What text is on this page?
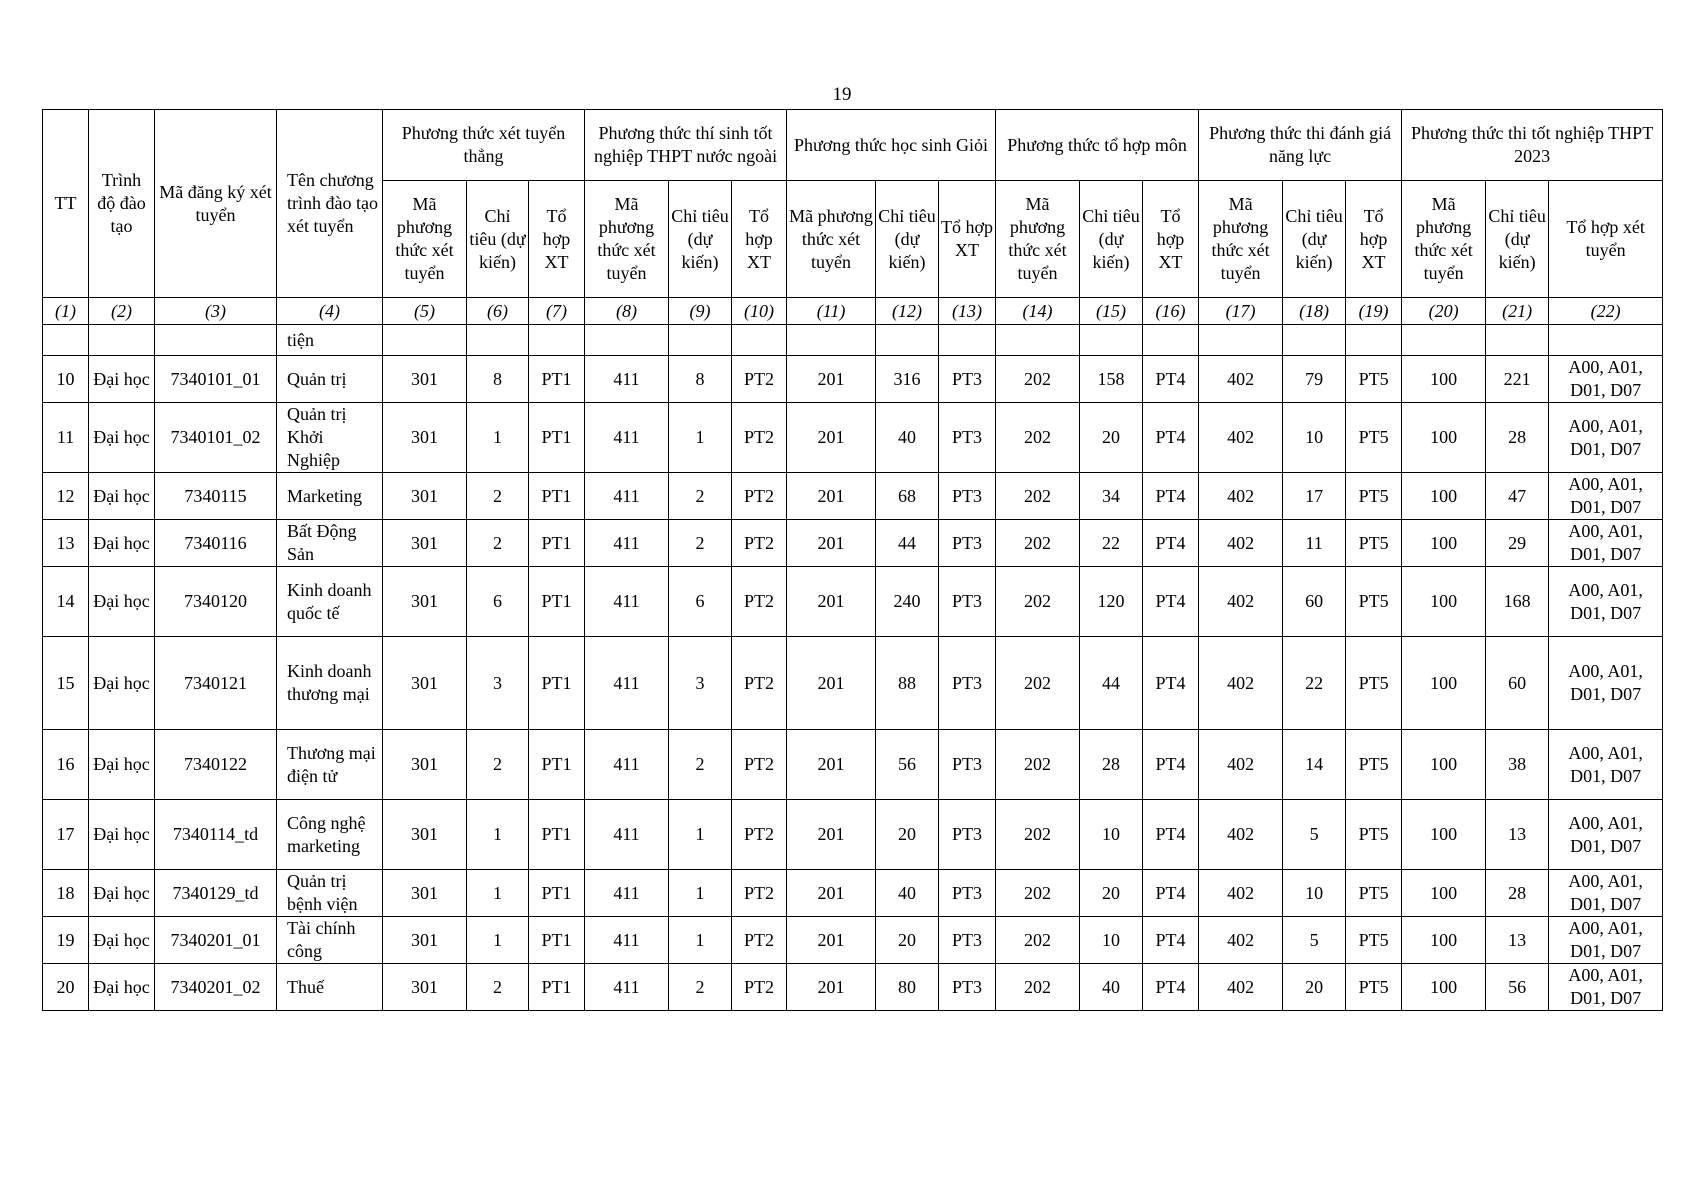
19
TT	Trình độ đào tạo	Mã đăng ký xét tuyển	Tên chương trình đào tạo xét tuyển	Phương thức xét tuyển thẳng			Phương thức thí sinh tốt nghiệp THPT nước ngoài			Phương thức học sinh Giỏi			Phương thức tổ hợp môn			Phương thức thi đánh giá năng lực			Phương thức thi tốt nghiệp THPT 2023		
				Mã phương thức xét tuyển	Chỉ tiêu (dự kiến)	Tổ hợp XT	Mã phương thức xét tuyển	Chỉ tiêu (dự kiến)	Tổ hợp XT	Mã phương thức xét tuyển	Chỉ tiêu (dự kiến)	Tổ hợp XT	Mã phương thức xét tuyển	Chỉ tiêu (dự kiến)	Tổ hợp XT	Mã phương thức xét tuyển	Chỉ tiêu (dự kiến)	Tổ hợp XT	Mã phương thức xét tuyển	Chỉ tiêu (dự kiến)	Tổ hợp xét tuyển
(1)	(2)	(3)	(4)	(5)	(6)	(7)	(8)	(9)	(10)	(11)	(12)	(13)	(14)	(15)	(16)	(17)	(18)	(19)	(20)	(21)	(22)
			tiện																		
10	Đại học	7340101_01	Quản trị	301	8	PT1	411	8	PT2	201	316	PT3	202	158	PT4	402	79	PT5	100	221	A00, A01, D01, D07
11	Đại học	7340101_02	Quản trị Khởi Nghiệp	301	1	PT1	411	1	PT2	201	40	PT3	202	20	PT4	402	10	PT5	100	28	A00, A01, D01, D07
12	Đại học	7340115	Marketing	301	2	PT1	411	2	PT2	201	68	PT3	202	34	PT4	402	17	PT5	100	47	A00, A01, D01, D07
13	Đại học	7340116	Bất Động Sản	301	2	PT1	411	2	PT2	201	44	PT3	202	22	PT4	402	11	PT5	100	29	A00, A01, D01, D07
14	Đại học	7340120	Kinh doanh quốc tế	301	6	PT1	411	6	PT2	201	240	PT3	202	120	PT4	402	60	PT5	100	168	A00, A01, D01, D07
15	Đại học	7340121	Kinh doanh thương mại	301	3	PT1	411	3	PT2	201	88	PT3	202	44	PT4	402	22	PT5	100	60	A00, A01, D01, D07
16	Đại học	7340122	Thương mại điện tử	301	2	PT1	411	2	PT2	201	56	PT3	202	28	PT4	402	14	PT5	100	38	A00, A01, D01, D07
17	Đại học	7340114_td	Công nghệ marketing	301	1	PT1	411	1	PT2	201	20	PT3	202	10	PT4	402	5	PT5	100	13	A00, A01, D01, D07
18	Đại học	7340129_td	Quản trị bệnh viện	301	1	PT1	411	1	PT2	201	40	PT3	202	20	PT4	402	10	PT5	100	28	A00, A01, D01, D07
19	Đại học	7340201_01	Tài chính công	301	1	PT1	411	1	PT2	201	20	PT3	202	10	PT4	402	5	PT5	100	13	A00, A01, D01, D07
20	Đại học	7340201_02	Thuế	301	2	PT1	411	2	PT2	201	80	PT3	202	40	PT4	402	20	PT5	100	56	A00, A01, D01, D07
